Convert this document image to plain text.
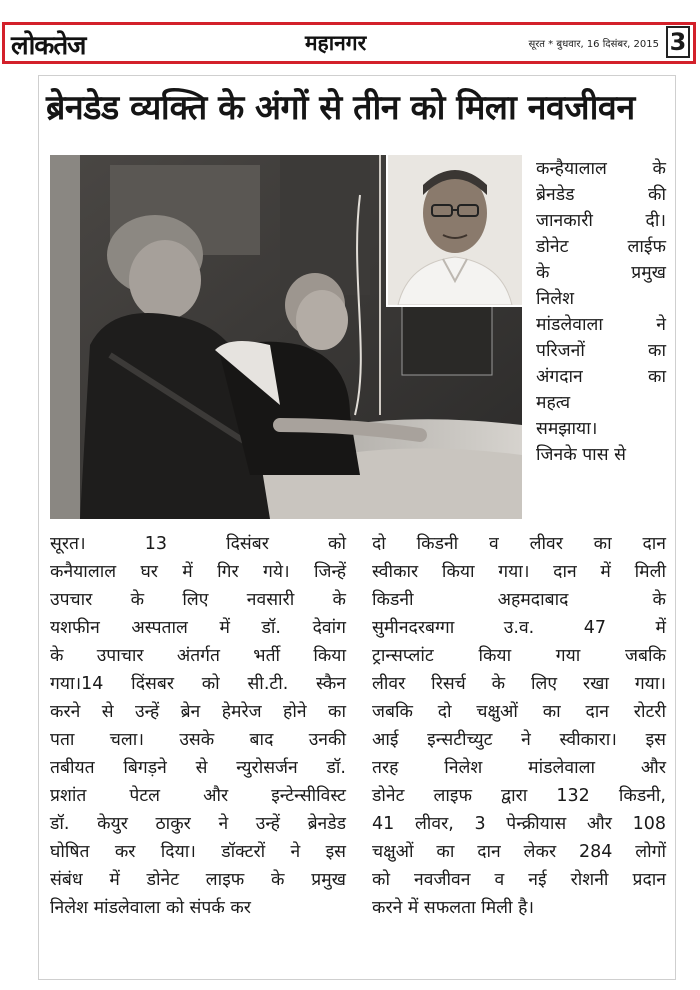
लोकतेज	महानगर	सूरत * बुधवार, 16 दिसंबर, 2015 3
ब्रेनडेड व्यक्ति के अंगों से तीन को मिला नवजीवन

कन्हैयालाल के

ब्रेनडेड की

जानकारी दी।

डोनेट लाईफ

के प्रमुख

निलेश

मांडलेवाला ने

परिजनों का

अंगदान का

महत्व

समझाया।

जिनके पास से

सूरत। 13 दिसंबर को
कनैयालाल घर में गिर गये। जिन्हें
उपचार के लिए नवसारी के
यशफीन अस्पताल में डॉ. देवांग
के उपाचार अंतर्गत भर्ती किया
गया।14 दिंसबर को सी.टी. स्कैन
करने से उन्हें ब्रेन हेमरेज होने का
पता चला। उसके बाद उनकी
तबीयत बिगड़ने से न्युरोसर्जन डॉ.
प्रशांत पेटल और इन्टेन्सीविस्ट
डॉ. केयुर ठाकुर ने उन्हें ब्रेनडेड
घोषित कर दिया। डॉक्टरों ने इस
संबंध में डोनेट लाइफ के प्रमुख
निलेश मांडलेवाला को संपर्क कर
दो किडनी व लीवर का दान
स्वीकार किया गया। दान में मिली
किडनी अहमदाबाद के
सुमीनदरबग्गा उ.व. 47 में
ट्रान्सप्लांट किया गया जबकि
लीवर रिसर्च के लिए रखा गया।
जबकि दो चक्षुओं का दान रोटरी
आई इन्सटीच्युट ने स्वीकारा। इस
तरह निलेश मांडलेवाला और
डोनेट लाइफ द्वारा 132 किडनी,
41 लीवर, 3 पेन्क्रीयास और 108
चक्षुओं का दान लेकर 284 लोगों
को नवजीवन व नई रोशनी प्रदान
करने में सफलता मिली है।
